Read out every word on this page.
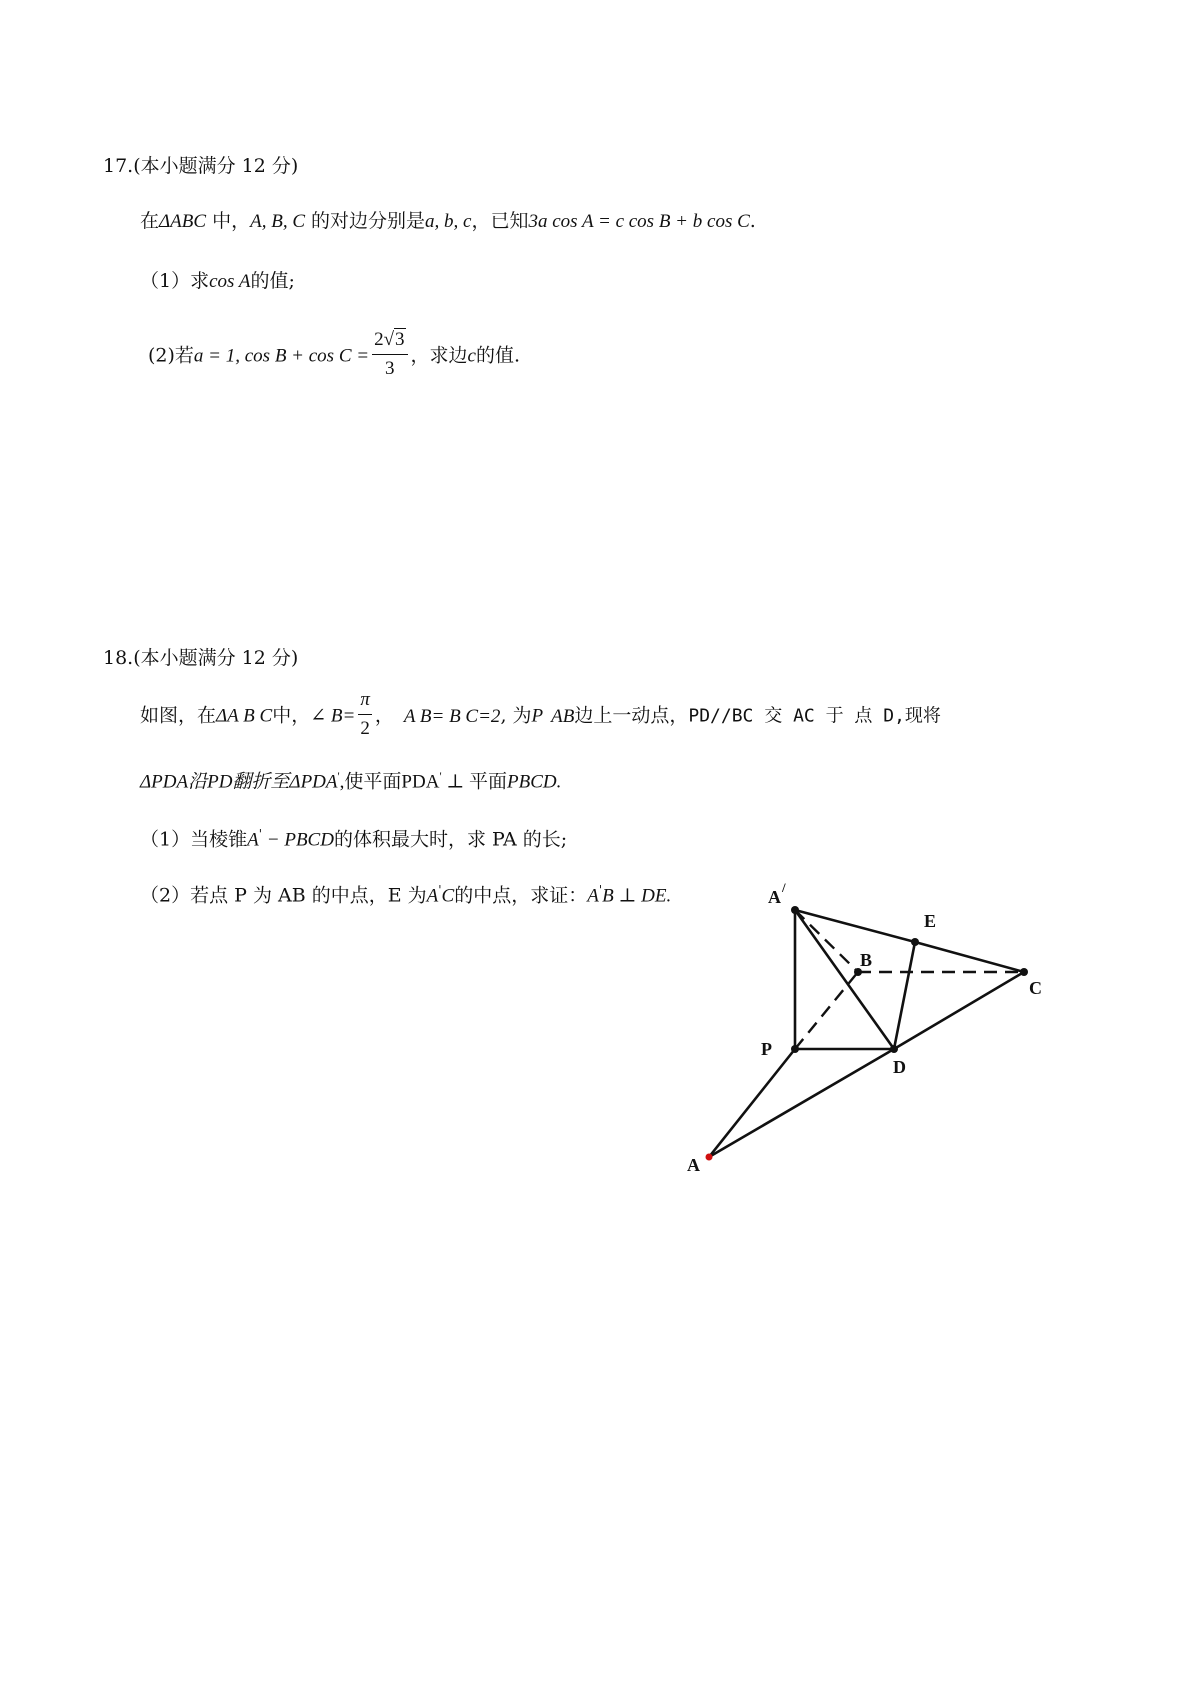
17.(本小题满分 12 分)
在ΔABC 中，A, B, C 的对边分别是a, b, c，已知3a cos A = c cos B + b cos C.
（1）求cos A的值;
(2)若a = 1, $\cos B + \cos C = \frac{2√3}{3}$ ，求边c的值.
18.(本小题满分 12 分)
如图，在ΔA B C中，∠ $B= \frac{\pi}{2}$ ， A B= B C=2, 为P AB边上一动点，PD//BC 交 AC 于 点 D,现将
ΔPDA沿PD翻折至ΔPDA',使平面PDA' ⊥ 平面PBCD.
（1）当棱锥A' − PBCD的体积最大时，求 PA 的长;
（2）若点 P 为 AB 的中点，E 为A'C的中点，求证：A'B ⊥ DE.	A /
E
B
C
P
D
A
